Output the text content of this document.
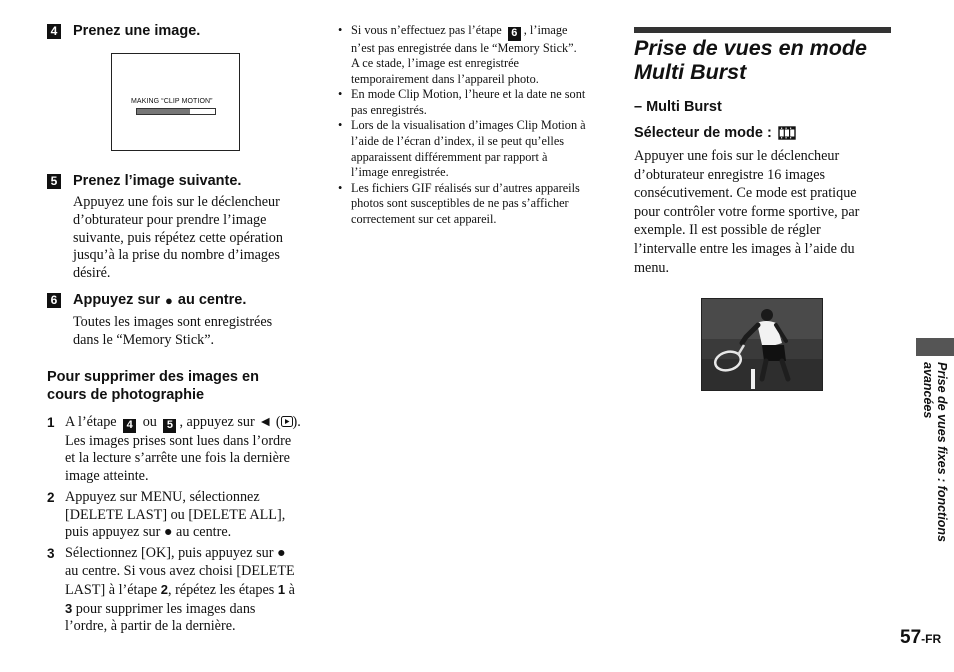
4 Prenez une image.
MAKING “CLIP MOTION”
5 Prenez l’image suivante.
Appuyez une fois sur le déclencheur
d’obturateur pour prendre l’image
suivante, puis répétez cette opération
jusqu’à la prise du nombre d’images
désiré.
6 Appuyez sur ● au centre.
Toutes les images sont enregistrées
dans le “Memory Stick”.
Pour supprimer des images en
cours de photographie
1 A l’étape 4 ou 5 , appuyez sur ◄ ( ).
Les images prises sont lues dans l’ordre
et la lecture s’arrête une fois la dernière
image atteinte.
2 Appuyez sur MENU, sélectionnez
[DELETE LAST] ou [DELETE ALL],
puis appuyez sur ● au centre.
3 Sélectionnez [OK], puis appuyez sur ●
au centre. Si vous avez choisi [DELETE
LAST] à l’étape 2, répétez les étapes 1 à
3 pour supprimer les images dans
l’ordre, à partir de la dernière.
• Si vous n’effectuez pas l’étape 6 , l’image
n’est pas enregistrée dans le “Memory Stick”.
A ce stade, l’image est enregistrée
temporairement dans l’appareil photo.
• En mode Clip Motion, l’heure et la date ne sont
pas enregistrés.
• Lors de la visualisation d’images Clip Motion à
l’aide de l’écran d’index, il se peut qu’elles
apparaissent différemment par rapport à
l’image enregistrée.
• Les fichiers GIF réalisés sur d’autres appareils
photos sont susceptibles de ne pas s’afficher
correctement sur cet appareil.
Prise de vues en mode
Multi Burst
– Multi Burst
Sélecteur de mode :
Appuyer une fois sur le déclencheur
d’obturateur enregistre 16 images
consécutivement. Ce mode est pratique
pour contrôler votre forme sportive, par
exemple. Il est possible de régler
l’intervalle entre les images à l’aide du
menu.
Prise de vues fixes : fonctions avancées
57-FR
